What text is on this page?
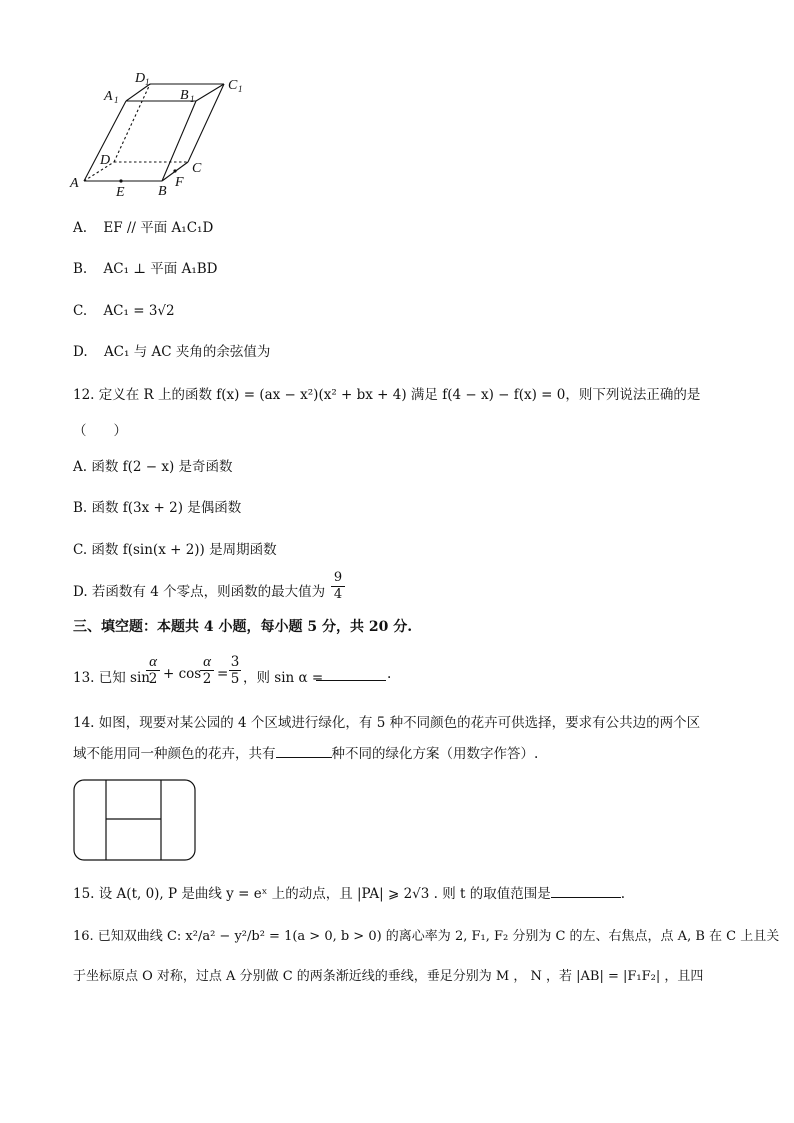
A
E B
F
C
D
A 1	B 1
D 1	C 1
A. EF // 平面 A₁C₁D
B. AC₁ ⊥ 平面 A₁BD
C. AC₁ = 3√2
D. AC₁ 与 AC 夹角的余弦值为
12. 定义在 R 上的函数 f(x) = (ax − x²)(x² + bx + 4) 满足 f(4 − x) − f(x) = 0，则下列说法正确的是
（　　）
A. 函数 f(2 − x) 是奇函数
B. 函数 f(3x + 2) 是偶函数
C. 函数 f(sin(x + 2)) 是周期函数
D. 若函数有 4 个零点，则函数的最大值为
9
4
三、填空题：本题共 4 小题，每小题 5 分，共 20 分.
13. 已知 sin
α
2 + cos
α
2 =
3
5 ，则 sin α =	.
14. 如图，现要对某公园的 4 个区域进行绿化，有 5 种不同颜色的花卉可供选择，要求有公共边的两个区
域不能用同一种颜色的花卉，共有	种不同的绿化方案（用数字作答）.
15. 设 A(t, 0), P 是曲线 y = eˣ 上的动点，且 |PA| ⩾ 2√3 . 则 t 的取值范围是	.
16. 已知双曲线 C: x²/a² − y²/b² = 1(a > 0, b > 0) 的离心率为 2, F₁, F₂ 分别为 C 的左、右焦点，点 A, B 在 C 上且关
于坐标原点 O 对称，过点 A 分别做 C 的两条渐近线的垂线，垂足分别为 M ， N ，若 |AB| = |F₁F₂| ，且四
